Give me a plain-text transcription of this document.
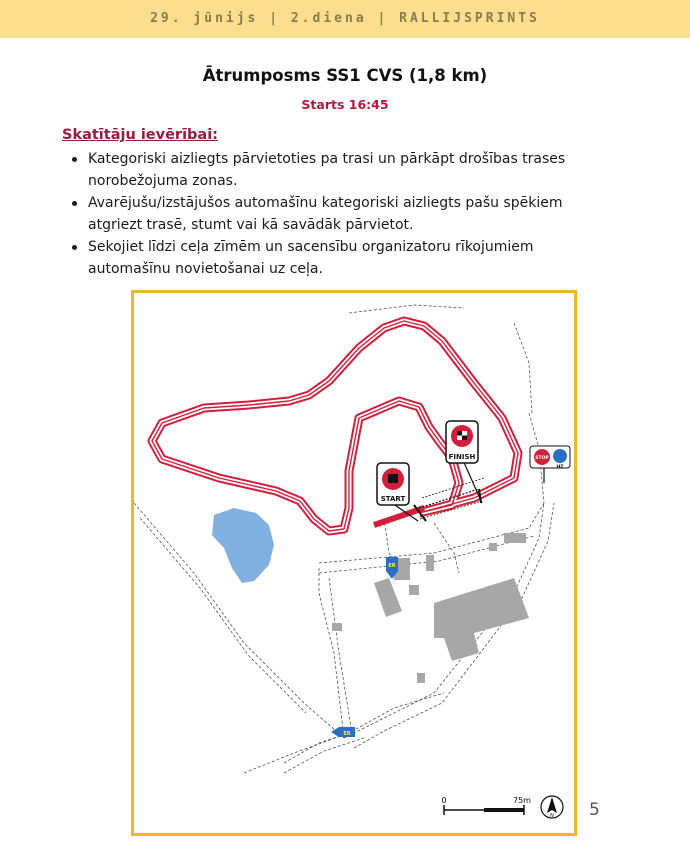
29. jūnijs | 2.diena | RALLIJSPRINTS
Ātrumposms SS1 CVS (1,8 km)
Starts 16:45
Skatītāju ievērībai:
Kategoriski aizliegts pārvietoties pa trasi un pārkāpt drošības trases norobežojuma zonas.
Avarējušu/izstājušos automašīnu kategoriski aizliegts pašu spēkiem atgriezt trasē, stumt vai kā savādāk pārvietot.
Sekojiet līdzi ceļa zīmēm un sacensību organizatoru rīkojumiem automašīnu novietošanai uz ceļa.
FINISH
START
STOP
HZ
ER
ER
0	75m
N 5
